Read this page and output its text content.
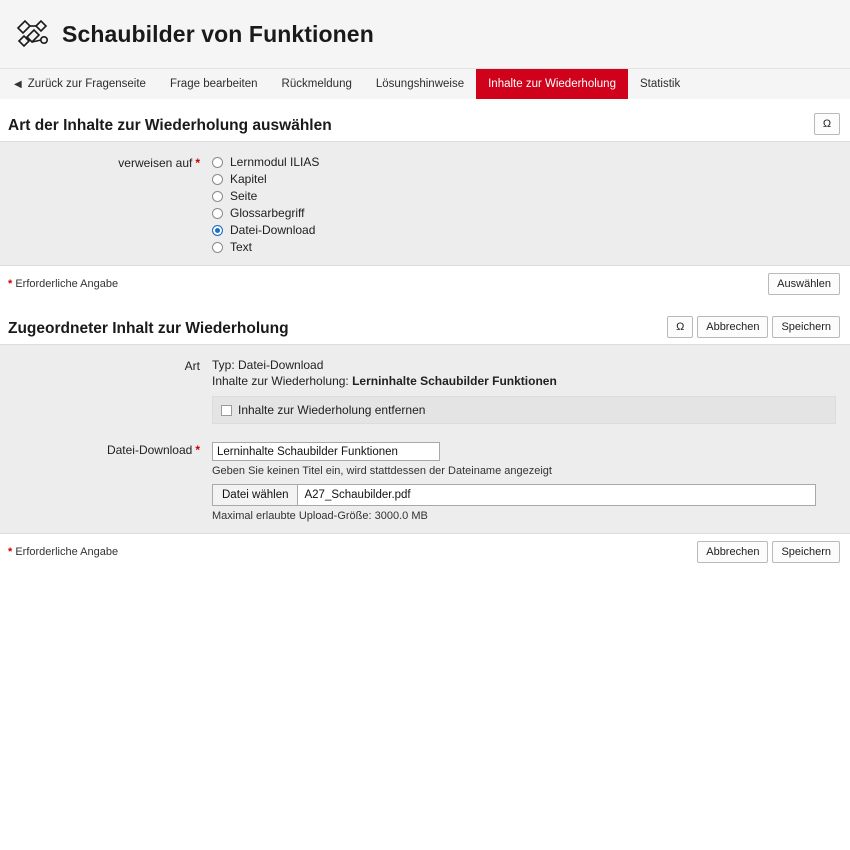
Schaubilder von Funktionen
◀ Zurück zur Fragenseite Frage bearbeiten Rückmeldung Lösungshinweise Inhalte zur Wiederholung Statistik
Art der Inhalte zur Wiederholung auswählen	Ω
verweisen auf *	Lernmodul ILIAS
Kapitel
Seite
Glossarbegriff
Datei-Download
Text
* Erforderliche Angabe	Auswählen
Zugeordneter Inhalt zur Wiederholung	Ω	Abbrechen	Speichern
Art	Typ: Datei-Download
Inhalte zur Wiederholung: Lerninhalte Schaubilder Funktionen
Inhalte zur Wiederholung entfernen
Datei-Download *
Lerninhalte Schaubilder Funktionen
Geben Sie keinen Titel ein, wird stattdessen der Dateiname angezeigt
Datei wählen	A27_Schaubilder.pdf
Maximal erlaubte Upload-Größe: 3000.0 MB
* Erforderliche Angabe	Abbrechen	Speichern
